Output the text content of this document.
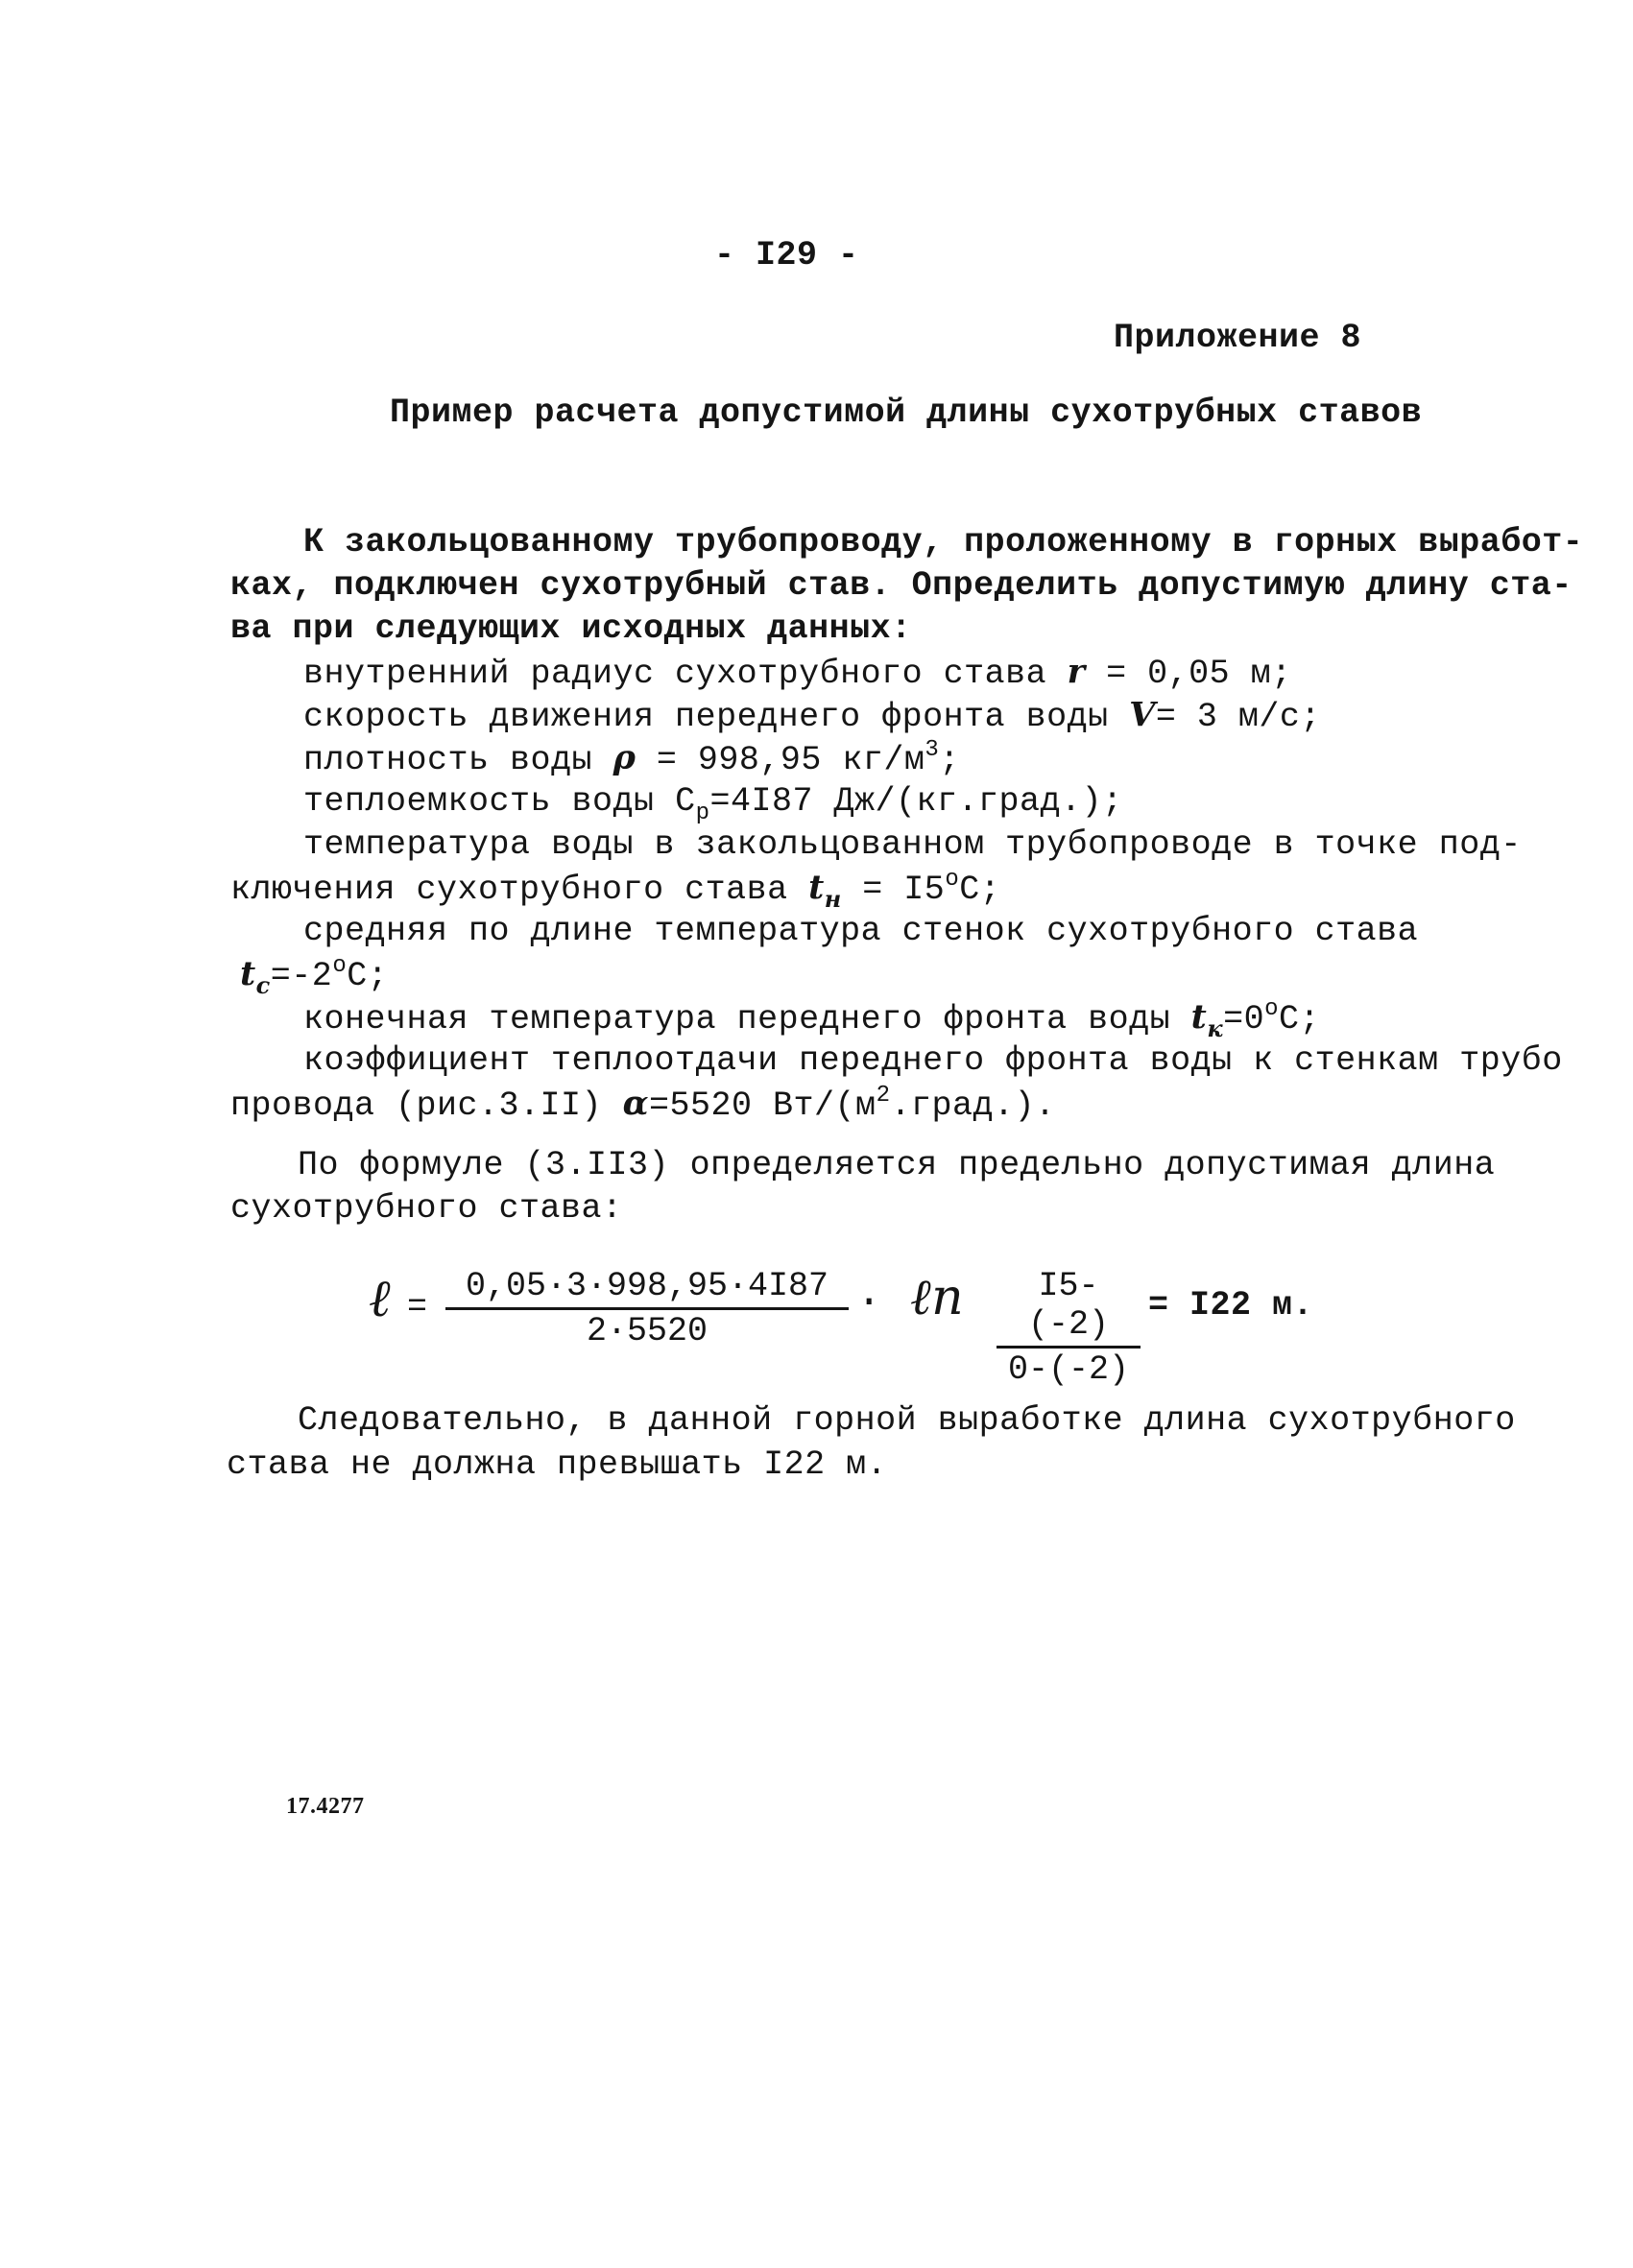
- I29 -
Приложение 8
Пример расчета допустимой длины сухотрубных ставов
К закольцованному трубопроводу, проложенному в горных выработ-
ках, подключен сухотрубный став. Определить допустимую длину ста-
ва при следующих исходных данных:
внутренний радиус сухотрубного става r = 0,05 м;
скорость движения переднего фронта воды V= 3 м/с;
плотность воды ρ = 998,95 $кг/м^3$;
теплоемкость воды $C_p=4I87$ Дж/(кг.град.);
температура воды в закольцованном трубопроводе в точке под-
ключения сухотрубного става $t_н = I5^oC$;
средняя по длине температура стенок сухотрубного става
$t_c=-2^oC$;
конечная температура переднего фронта воды $t_к=0^oC$;
коэффициент теплоотдачи переднего фронта воды к стенкам трубо
провода (рис.3.II) α=5520 $Вт/(м^2.град.)$.
По формуле (3.II3) определяется предельно допустимая длина
сухотрубного става:
ℓ = $\frac{0,05\cdot 3\cdot 998,95\cdot 4I87}{2\cdot 5520}$ · ℓn $\frac{I5-(-2)}{0-(-2)} = I22$ м.
Следовательно, в данной горной выработке длина сухотрубного
става не должна превышать I22 м.
17.4277
